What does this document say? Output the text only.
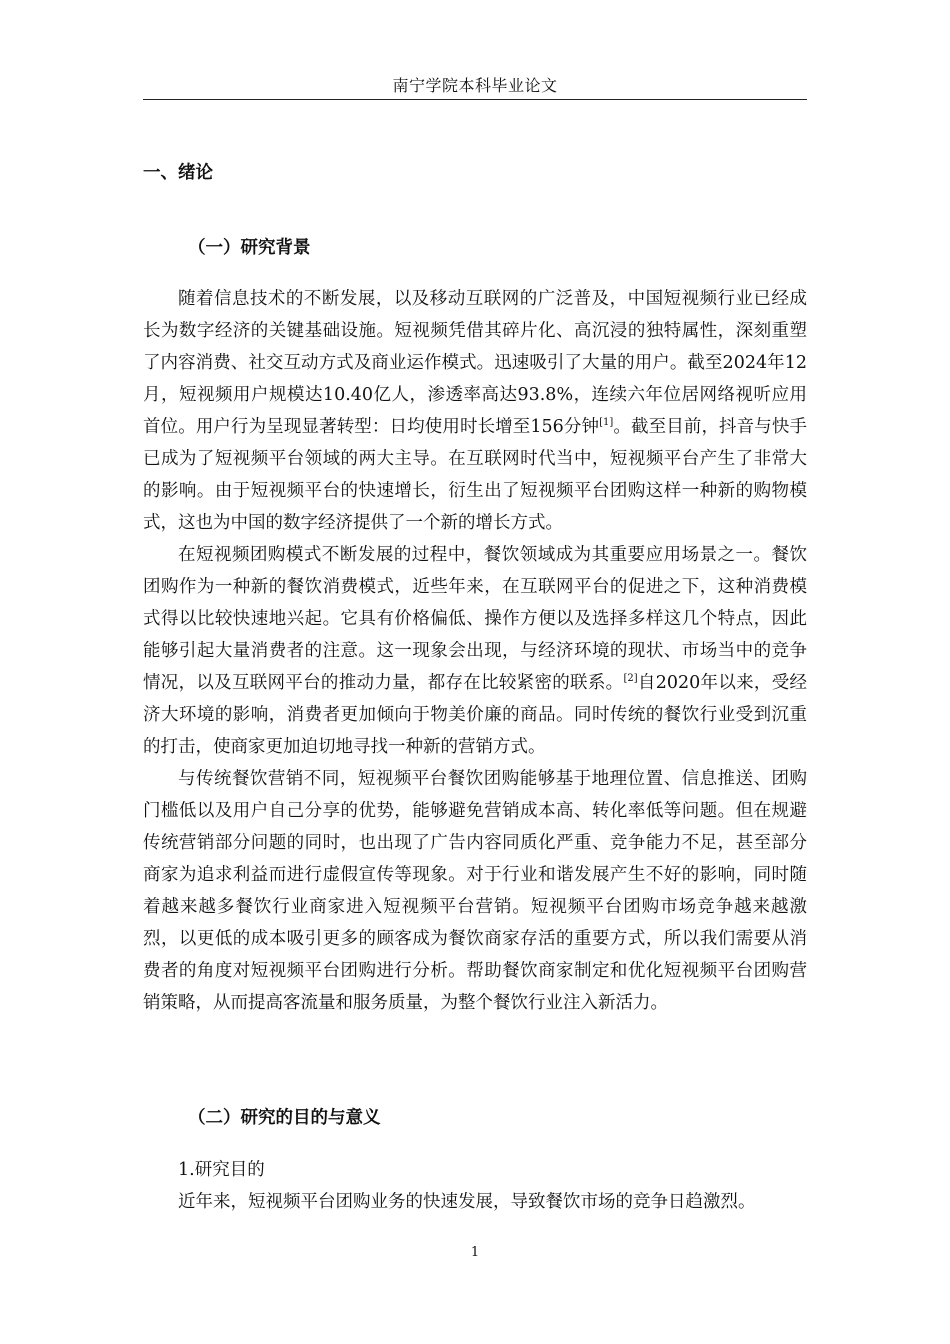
南宁学院本科毕业论文
一、绪论
（一）研究背景

随着信息技术的不断发展，以及移动互联网的广泛普及，中国短视频行业已经成长为数字经济的关键基础设施。短视频凭借其碎片化、高沉浸的独特属性，深刻重塑了内容消费、社交互动方式及商业运作模式。迅速吸引了大量的用户。截至2024年12月，短视频用户规模达10.40亿人，渗透率高达93.8%，连续六年位居网络视听应用首位。用户行为呈现显著转型：日均使用时长增至156分钟[1]。截至目前，抖音与快手已成为了短视频平台领域的两大主导。在互联网时代当中，短视频平台产生了非常大的影响。由于短视频平台的快速增长，衍生出了短视频平台团购这样一种新的购物模式，这也为中国的数字经济提供了一个新的增长方式。

在短视频团购模式不断发展的过程中，餐饮领域成为其重要应用场景之一。餐饮团购作为一种新的餐饮消费模式，近些年来，在互联网平台的促进之下，这种消费模式得以比较快速地兴起。它具有价格偏低、操作方便以及选择多样这几个特点，因此能够引起大量消费者的注意。这一现象会出现，与经济环境的现状、市场当中的竞争情况，以及互联网平台的推动力量，都存在比较紧密的联系。[2]自2020年以来，受经济大环境的影响，消费者更加倾向于物美价廉的商品。同时传统的餐饮行业受到沉重的打击，使商家更加迫切地寻找一种新的营销方式。

与传统餐饮营销不同，短视频平台餐饮团购能够基于地理位置、信息推送、团购门槛低以及用户自己分享的优势，能够避免营销成本高、转化率低等问题。但在规避传统营销部分问题的同时，也出现了广告内容同质化严重、竞争能力不足，甚至部分商家为追求利益而进行虚假宣传等现象。对于行业和谐发展产生不好的影响，同时随着越来越多餐饮行业商家进入短视频平台营销。短视频平台团购市场竞争越来越激烈，以更低的成本吸引更多的顾客成为餐饮商家存活的重要方式，所以我们需要从消费者的角度对短视频平台团购进行分析。帮助餐饮商家制定和优化短视频平台团购营销策略，从而提高客流量和服务质量，为整个餐饮行业注入新活力。

（二）研究的目的与意义
1.研究目的

近年来，短视频平台团购业务的快速发展，导致餐饮市场的竞争日趋激烈。

1
